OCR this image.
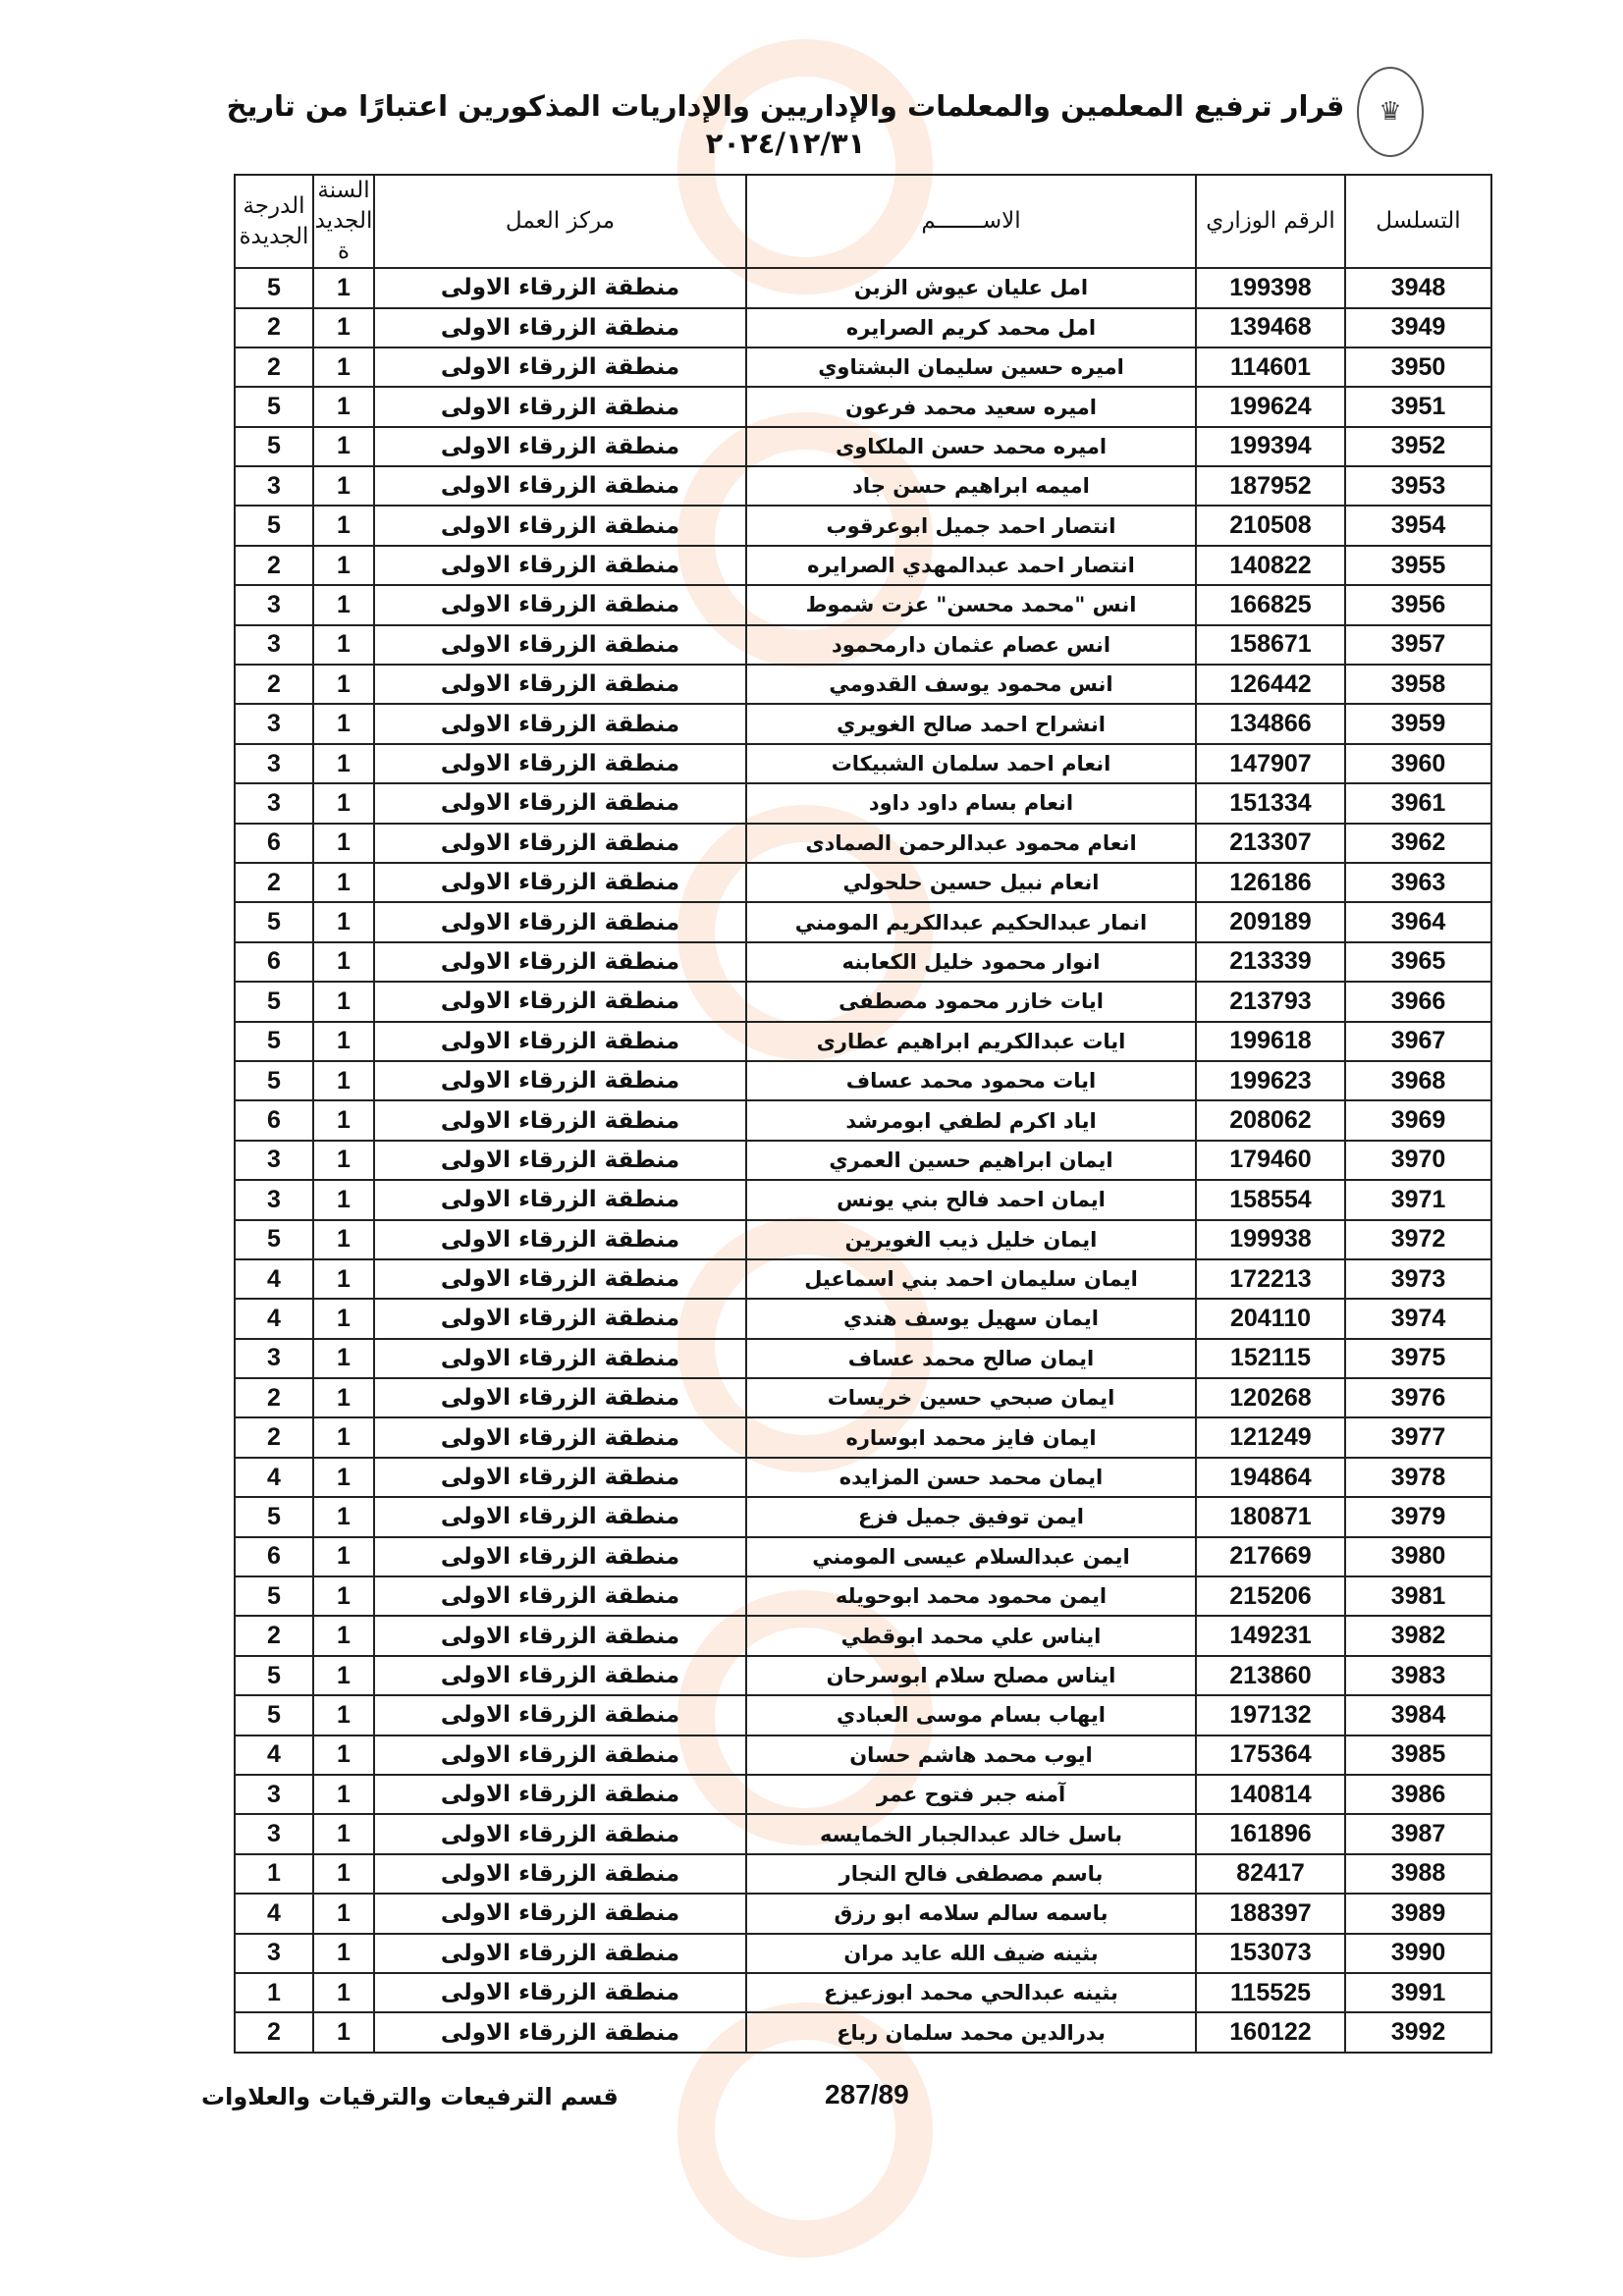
♛
قرار ترفيع المعلمين والمعلمات والإداريين والإداريات المذكورين اعتبارًا من تاريخ ٢٠٢٤/١٢/٣١
التسلسل	الرقم الوزاري	الاســـــــم	مركز العمل	السنة الجديدة	الدرجة الجديدة
3948	199398	امل عليان عيوش الزبن	منطقة الزرقاء الاولى	1	5
3949	139468	امل محمد كريم الصرايره	منطقة الزرقاء الاولى	1	2
3950	114601	اميره حسين سليمان البشتاوي	منطقة الزرقاء الاولى	1	2
3951	199624	اميره سعيد محمد فرعون	منطقة الزرقاء الاولى	1	5
3952	199394	اميره محمد حسن الملكاوى	منطقة الزرقاء الاولى	1	5
3953	187952	اميمه ابراهيم حسن جاد	منطقة الزرقاء الاولى	1	3
3954	210508	انتصار احمد جميل ابوعرقوب	منطقة الزرقاء الاولى	1	5
3955	140822	انتصار احمد عبدالمهدي الصرايره	منطقة الزرقاء الاولى	1	2
3956	166825	انس "محمد محسن" عزت شموط	منطقة الزرقاء الاولى	1	3
3957	158671	انس عصام عثمان دارمحمود	منطقة الزرقاء الاولى	1	3
3958	126442	انس محمود يوسف القدومي	منطقة الزرقاء الاولى	1	2
3959	134866	انشراح احمد صالح الغويري	منطقة الزرقاء الاولى	1	3
3960	147907	انعام احمد سلمان الشبيكات	منطقة الزرقاء الاولى	1	3
3961	151334	انعام بسام داود داود	منطقة الزرقاء الاولى	1	3
3962	213307	انعام محمود عبدالرحمن الصمادى	منطقة الزرقاء الاولى	1	6
3963	126186	انعام نبيل حسين حلحولي	منطقة الزرقاء الاولى	1	2
3964	209189	انمار عبدالحكيم عبدالكريم المومني	منطقة الزرقاء الاولى	1	5
3965	213339	انوار محمود خليل الكعابنه	منطقة الزرقاء الاولى	1	6
3966	213793	ايات خازر محمود مصطفى	منطقة الزرقاء الاولى	1	5
3967	199618	ايات عبدالكريم ابراهيم عطارى	منطقة الزرقاء الاولى	1	5
3968	199623	ايات محمود محمد عساف	منطقة الزرقاء الاولى	1	5
3969	208062	اياد اكرم لطفي ابومرشد	منطقة الزرقاء الاولى	1	6
3970	179460	ايمان ابراهيم حسين العمري	منطقة الزرقاء الاولى	1	3
3971	158554	ايمان احمد فالح بني يونس	منطقة الزرقاء الاولى	1	3
3972	199938	ايمان خليل ذيب الغويرين	منطقة الزرقاء الاولى	1	5
3973	172213	ايمان سليمان احمد بني اسماعيل	منطقة الزرقاء الاولى	1	4
3974	204110	ايمان سهيل يوسف هندي	منطقة الزرقاء الاولى	1	4
3975	152115	ايمان صالح محمد عساف	منطقة الزرقاء الاولى	1	3
3976	120268	ايمان صبحي حسين خريسات	منطقة الزرقاء الاولى	1	2
3977	121249	ايمان فايز محمد ابوساره	منطقة الزرقاء الاولى	1	2
3978	194864	ايمان محمد حسن المزايده	منطقة الزرقاء الاولى	1	4
3979	180871	ايمن توفيق جميل فزع	منطقة الزرقاء الاولى	1	5
3980	217669	ايمن عبدالسلام عيسى المومني	منطقة الزرقاء الاولى	1	6
3981	215206	ايمن محمود محمد ابوحويله	منطقة الزرقاء الاولى	1	5
3982	149231	ايناس علي محمد ابوقطي	منطقة الزرقاء الاولى	1	2
3983	213860	ايناس مصلح سلام ابوسرحان	منطقة الزرقاء الاولى	1	5
3984	197132	ايهاب بسام موسى العبادي	منطقة الزرقاء الاولى	1	5
3985	175364	ايوب محمد هاشم حسان	منطقة الزرقاء الاولى	1	4
3986	140814	آمنه جبر فتوح عمر	منطقة الزرقاء الاولى	1	3
3987	161896	باسل خالد عبدالجبار الخمايسه	منطقة الزرقاء الاولى	1	3
3988	82417	باسم مصطفى فالح النجار	منطقة الزرقاء الاولى	1	1
3989	188397	باسمه سالم سلامه ابو رزق	منطقة الزرقاء الاولى	1	4
3990	153073	بثينه ضيف الله عايد مران	منطقة الزرقاء الاولى	1	3
3991	115525	بثينه عبدالحي محمد ابوزعيزع	منطقة الزرقاء الاولى	1	1
3992	160122	بدرالدين محمد سلمان رباع	منطقة الزرقاء الاولى	1	2
287/89
قسم الترفيعات والترقيات والعلاوات
